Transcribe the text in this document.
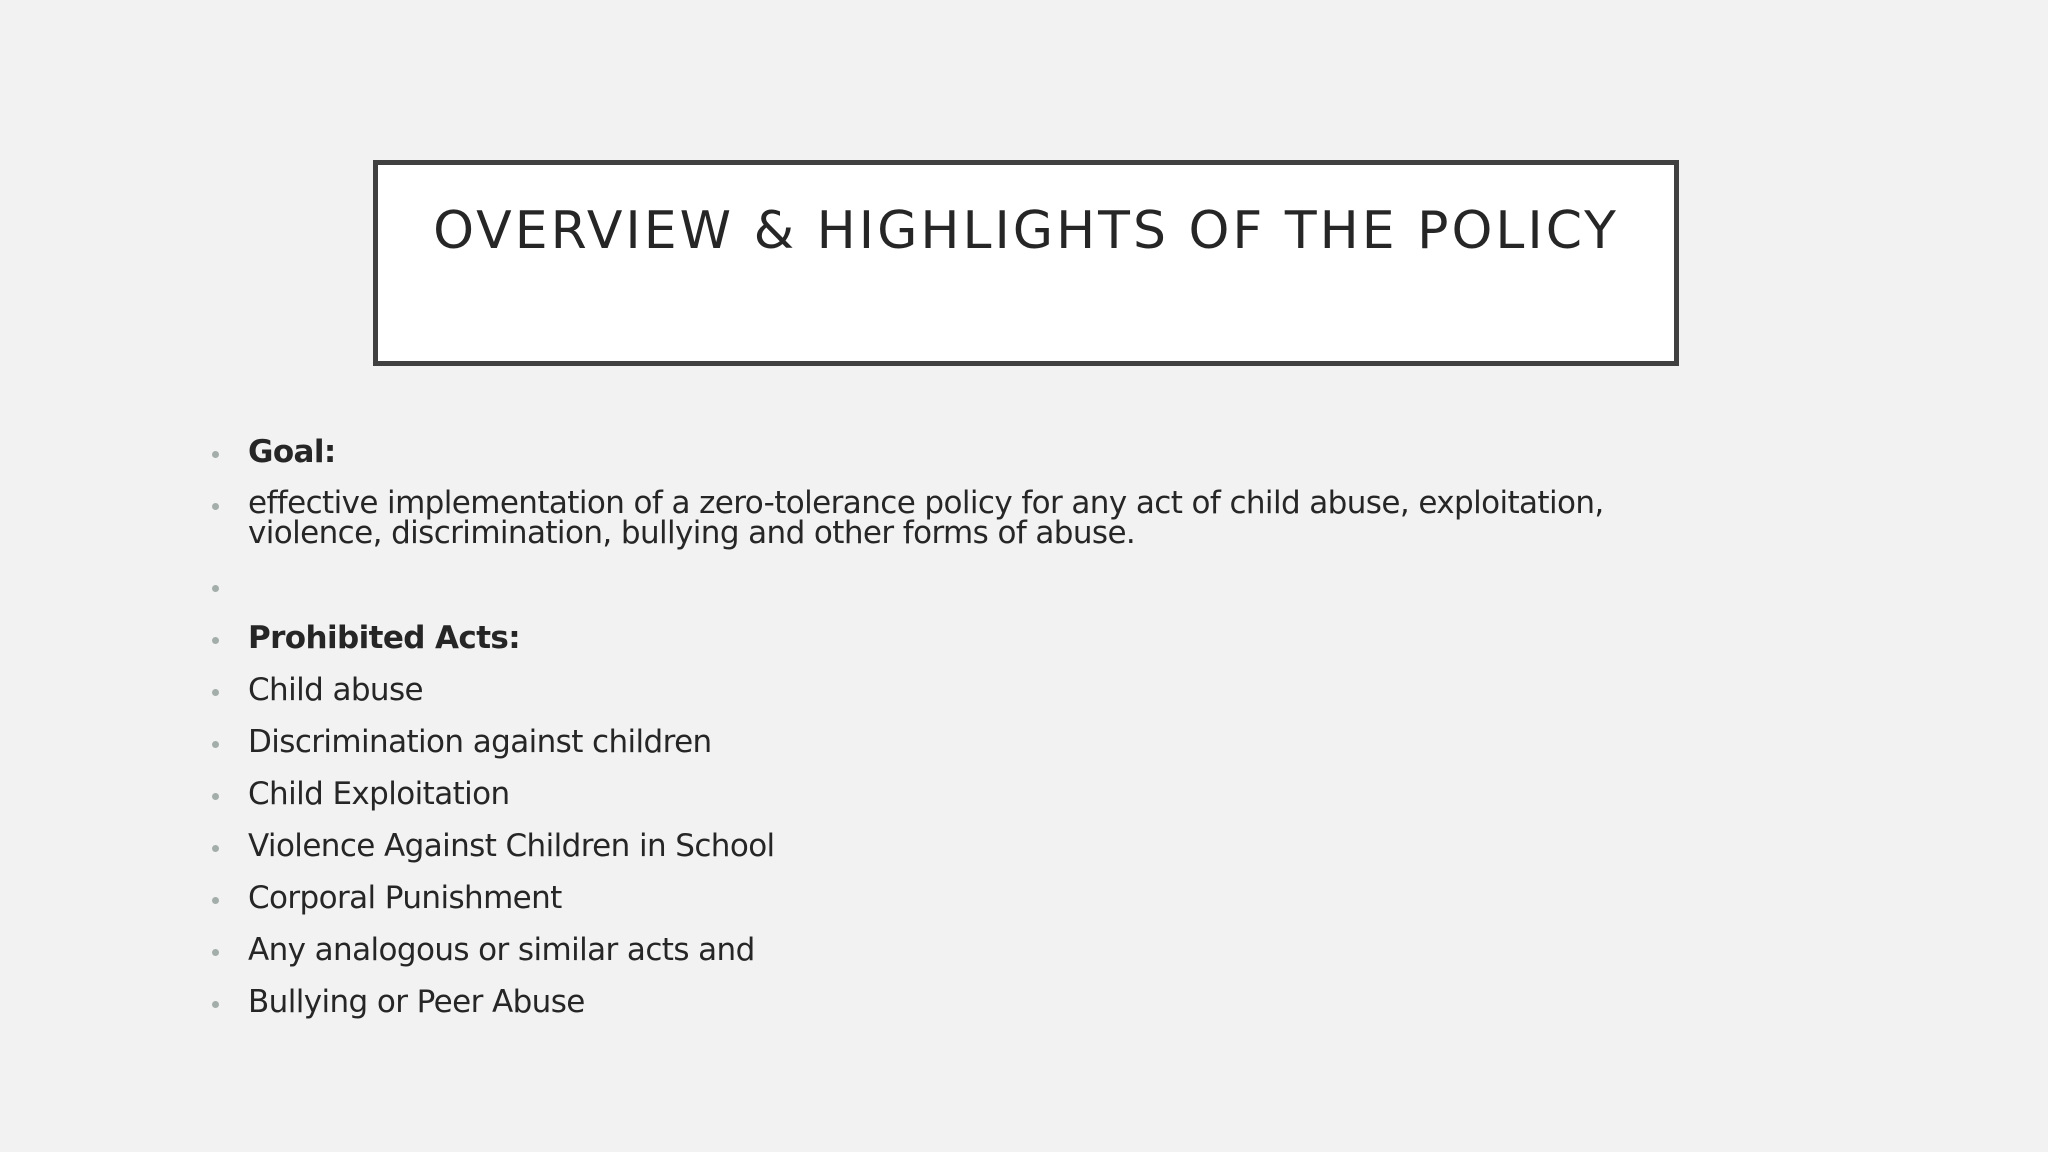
OVERVIEW & HIGHLIGHTS OF THE POLICY
Goal:
effective implementation of a zero-tolerance policy for any act of child abuse, exploitation, violence, discrimination, bullying and other forms of abuse.
Prohibited Acts:
Child abuse
Discrimination against children
Child Exploitation
Violence Against Children in School
Corporal Punishment
Any analogous or similar acts and
Bullying or Peer Abuse
